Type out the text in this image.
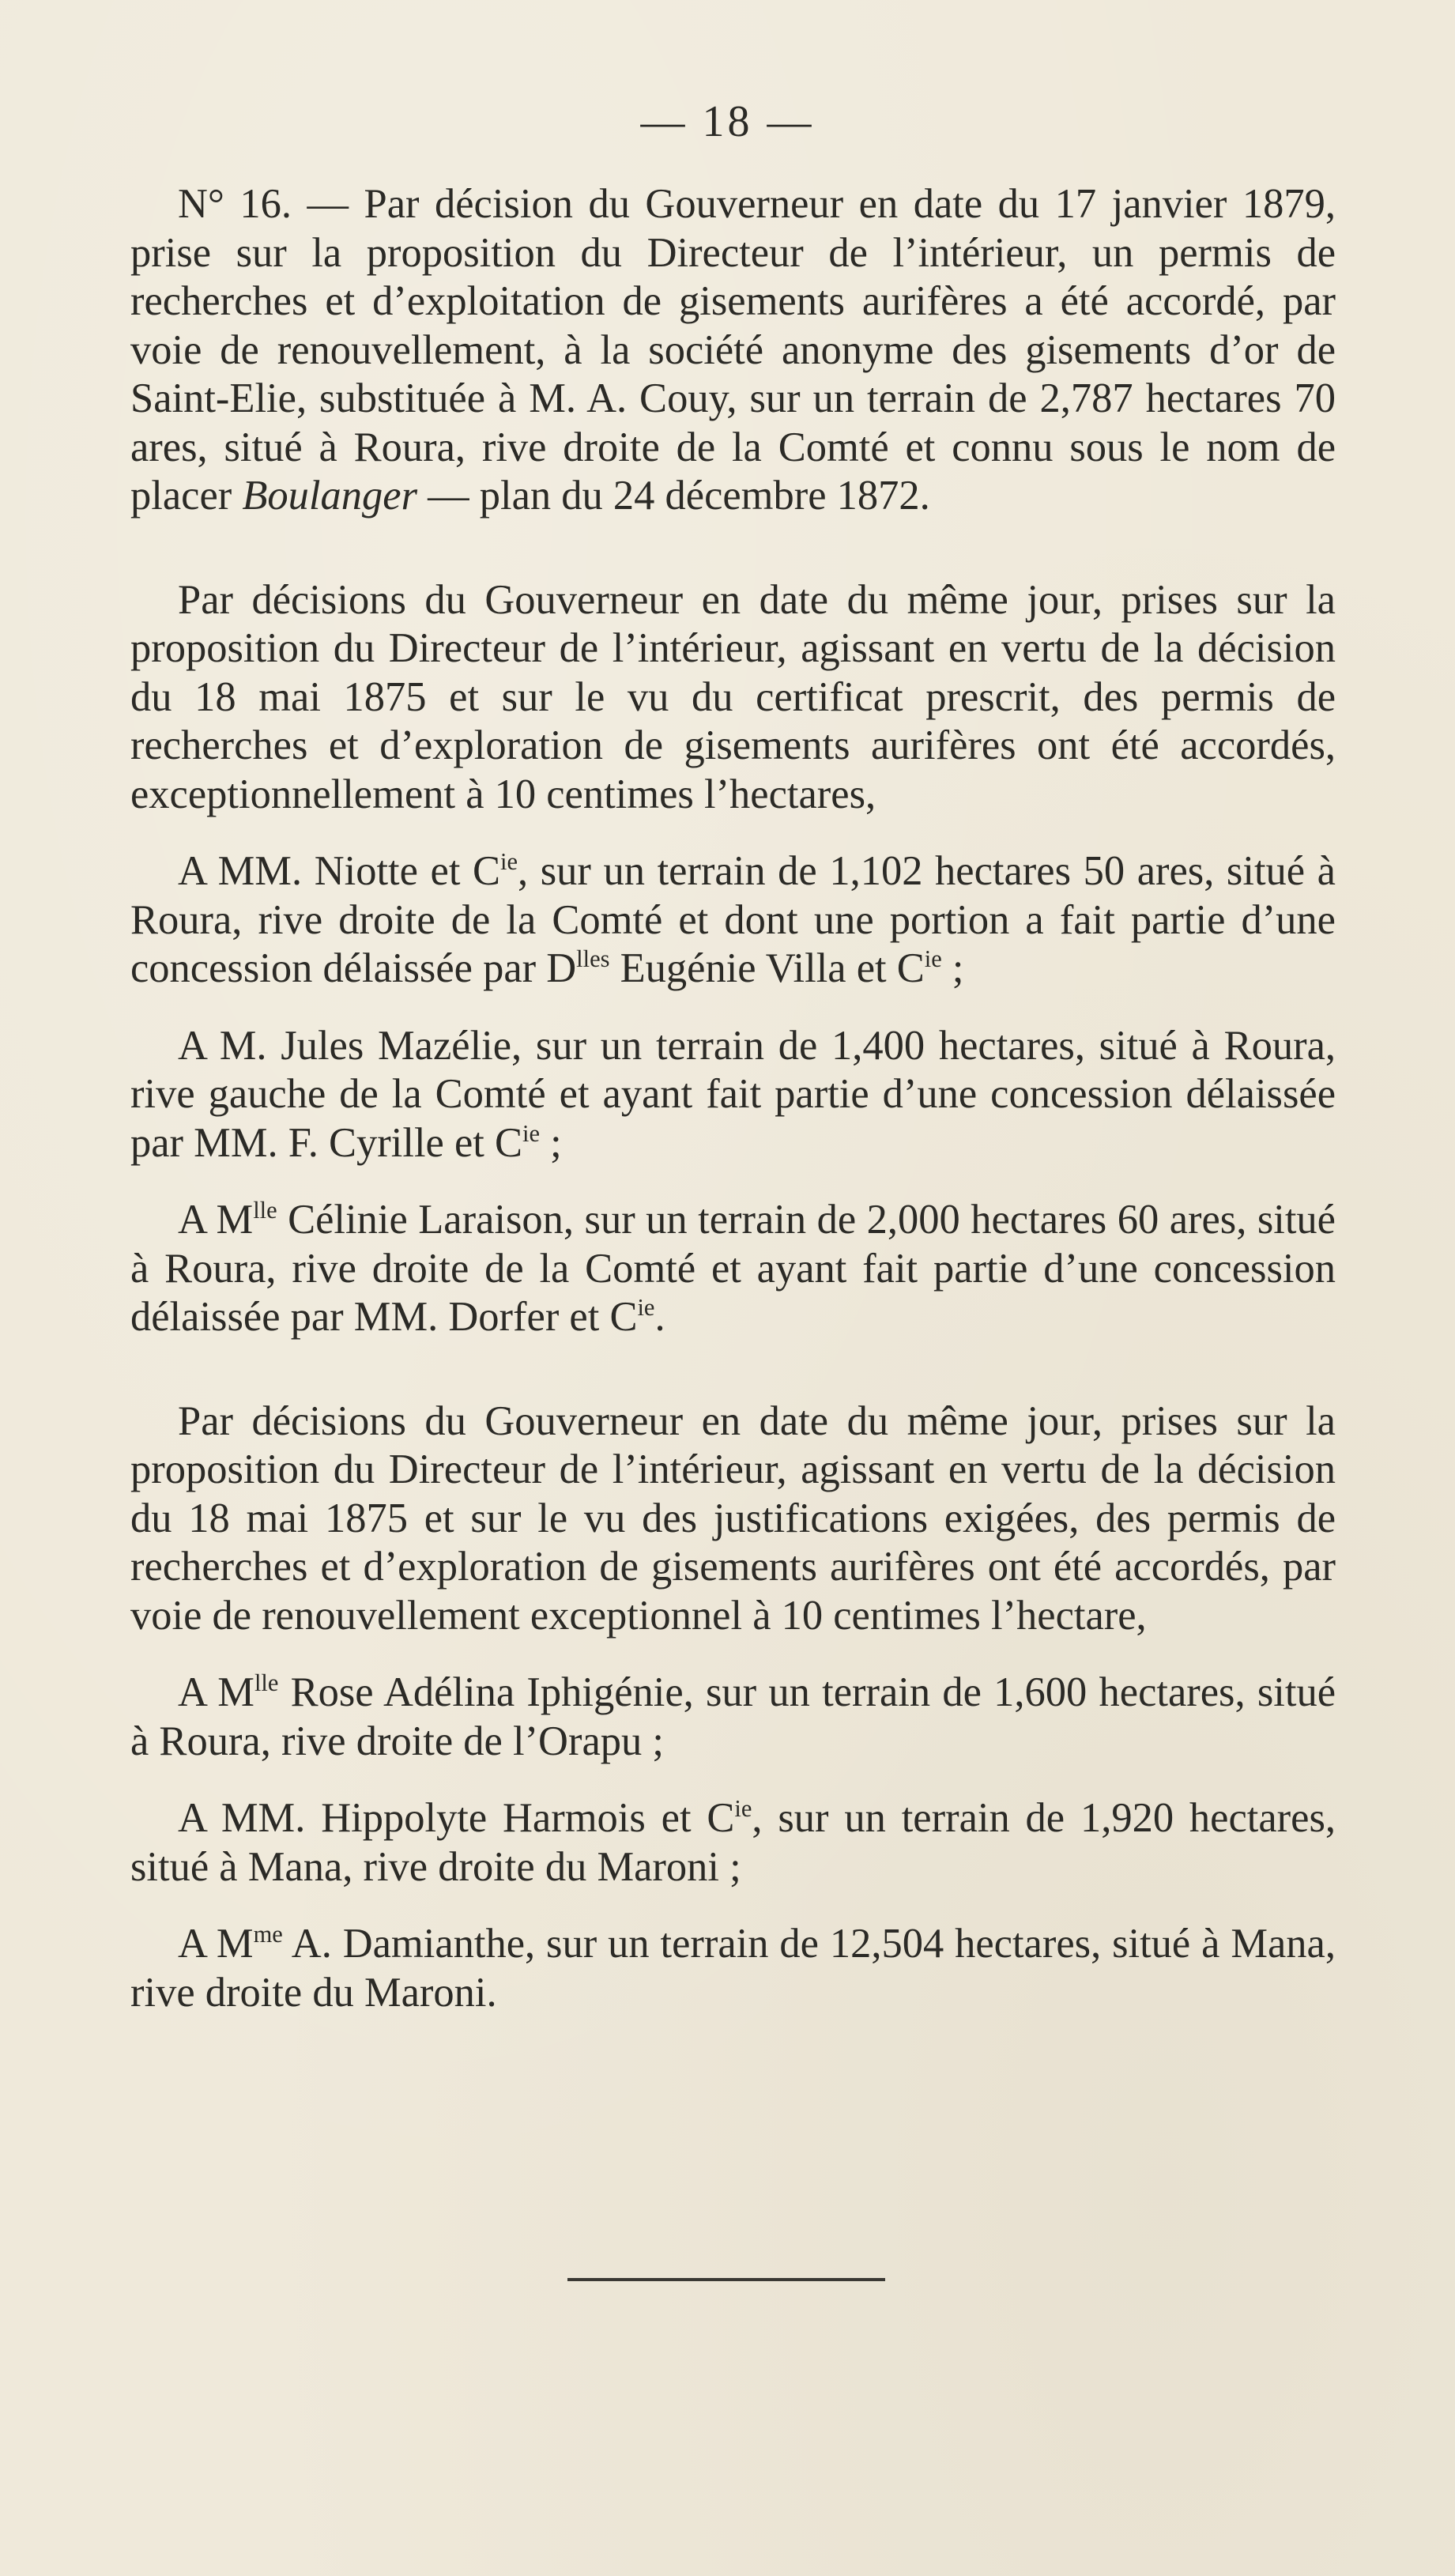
— 18 —

N° 16. — Par décision du Gouverneur en date du 17 janvier 1879, prise sur la proposition du Directeur de l’intérieur, un permis de recherches et d’exploitation de gisements aurifères a été accordé, par voie de renouvellement, à la société anonyme des gisements d’or de Saint-Elie, substituée à M. A. Couy, sur un terrain de 2,787 hectares 70 ares, situé à Roura, rive droite de la Comté et connu sous le nom de placer Boulanger — plan du 24 décembre 1872.

Par décisions du Gouverneur en date du même jour, prises sur la proposition du Directeur de l’intérieur, agissant en vertu de la décision du 18 mai 1875 et sur le vu du certificat prescrit, des permis de recherches et d’exploration de gisements aurifères ont été accordés, exceptionnellement à 10 centimes l’hectares,

A MM. Niotte et $C^{ie}$, sur un terrain de 1,102 hectares 50 ares, situé à Roura, rive droite de la Comté et dont une portion a fait partie d’une concession délaissée par $D^{lles}$ Eugénie Villa et $C^{ie}$ ;

A M. Jules Mazélie, sur un terrain de 1,400 hectares, situé à Roura, rive gauche de la Comté et ayant fait partie d’une concession délaissée par MM. F. Cyrille et $C^{ie}$ ;

A $M^{lle}$ Célinie Laraison, sur un terrain de 2,000 hectares 60 ares, situé à Roura, rive droite de la Comté et ayant fait partie d’une concession délaissée par MM. Dorfer et $C^{ie}$.

Par décisions du Gouverneur en date du même jour, prises sur la proposition du Directeur de l’intérieur, agissant en vertu de la décision du 18 mai 1875 et sur le vu des justifications exigées, des permis de recherches et d’exploration de gisements aurifères ont été accordés, par voie de renouvellement exceptionnel à 10 centimes l’hectare,

A $M^{lle}$ Rose Adélina Iphigénie, sur un terrain de 1,600 hectares, situé à Roura, rive droite de l’Orapu ;

A MM. Hippolyte Harmois et $C^{ie}$, sur un terrain de 1,920 hectares, situé à Mana, rive droite du Maroni ;

A $M^{me}$ A. Damianthe, sur un terrain de 12,504 hectares, situé à Mana, rive droite du Maroni.
